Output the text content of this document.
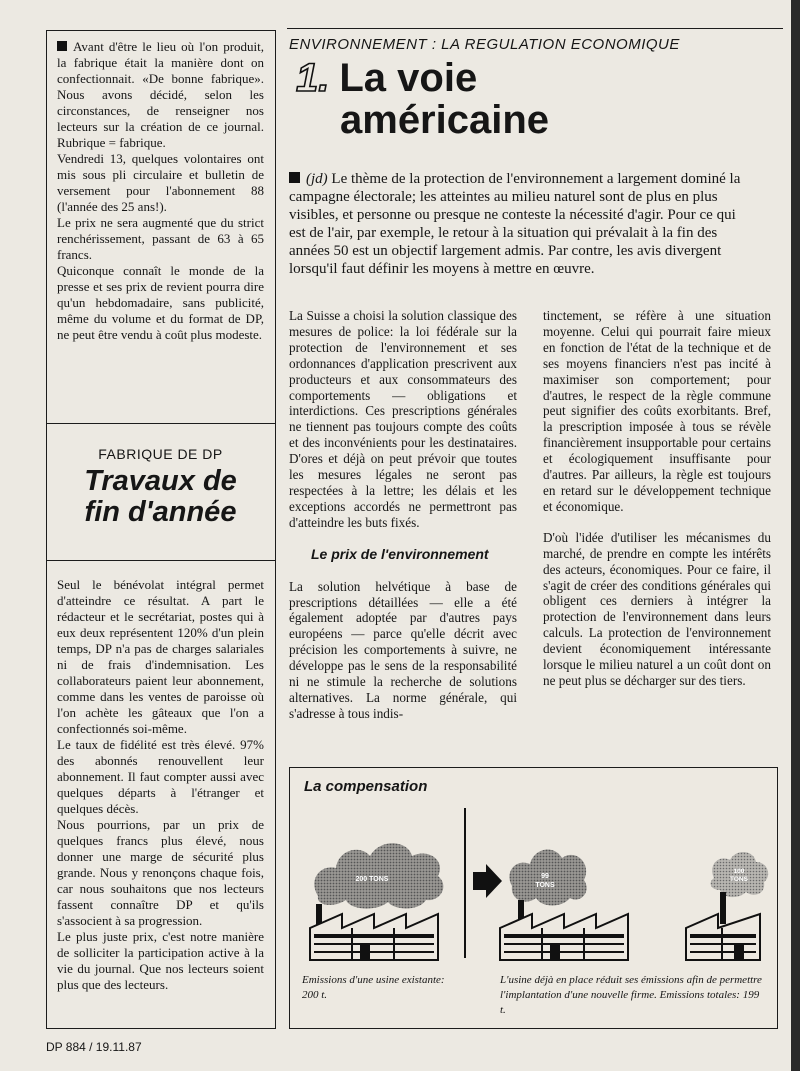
Avant d'être le lieu où l'on produit, la fabrique était la manière dont on confectionnait. «De bonne fabrique». Nous avons décidé, selon les circonstances, de renseigner nos lecteurs sur la création de ce journal. Rubrique = fabrique.

Vendredi 13, quelques volontaires ont mis sous pli circulaire et bulletin de versement pour l'abonnement 88 (l'année des 25 ans!).

Le prix ne sera augmenté que du strict renchérissement, passant de 63 à 65 francs.

Quiconque connaît le monde de la presse et ses prix de revient pourra dire qu'un hebdomadaire, sans publicité, même du volume et du format de DP, ne peut être vendu à coût plus modeste.

FABRIQUE DE DP
Travaux de
fin d'année

Seul le bénévolat intégral permet d'atteindre ce résultat. A part le rédacteur et le secrétariat, postes qui à eux deux représentent 120% d'un plein temps, DP n'a pas de charges salariales ni de frais d'indemnisation. Les collaborateurs paient leur abonnement, comme dans les ventes de paroisse où l'on achète les gâteaux que l'on a confectionnés soi-même.

Le taux de fidélité est très élevé. 97% des abonnés renouvellent leur abonnement. Il faut compter aussi avec quelques départs à l'étranger et quelques décès.

Nous pourrions, par un prix de quelques francs plus élevé, nous donner une marge de sécurité plus grande. Nous y renonçons chaque fois, car nous souhaitons que nos lecteurs fassent connaître DP et qu'ils s'associent à sa progression.

Le plus juste prix, c'est notre manière de solliciter la participation active à la vie du journal. Que nos lecteurs soient plus que des lecteurs.

ENVIRONNEMENT : LA REGULATION ECONOMIQUE
1. La voie
américaine
(jd) Le thème de la protection de l'environnement a largement dominé la campagne électorale; les atteintes au milieu naturel sont de plus en plus visibles, et personne ou presque ne conteste la nécessité d'agir. Pour ce qui est de l'air, par exemple, le retour à la situation qui prévalait à la fin des années 50 est un objectif largement admis. Par contre, les avis divergent lorsqu'il faut définir les moyens à mettre en œuvre.

La Suisse a choisi la solution classique des mesures de police: la loi fédérale sur la protection de l'environnement et ses ordonnances d'application prescrivent aux producteurs et aux consommateurs des comportements — obligations et interdictions. Ces prescriptions générales ne tiennent pas toujours compte des coûts et des inconvénients pour les destinataires. D'ores et déjà on peut prévoir que toutes les mesures légales ne seront pas respectées à la lettre; les délais et les exceptions accordés ne permettront pas d'atteindre les buts fixés.

Le prix de l'environnement

La solution helvétique à base de prescriptions détaillées — elle a été également adoptée par d'autres pays européens — parce qu'elle décrit avec précision les comportements à suivre, ne développe pas le sens de la responsabilité ni ne stimule la recherche de solutions alternatives. La norme générale, qui s'adresse à tous indis-

tinctement, se réfère à une situation moyenne. Celui qui pourrait faire mieux en fonction de l'état de la technique et de ses moyens financiers n'est pas incité à maximiser son comportement; pour d'autres, le respect de la règle commune peut signifier des coûts exorbitants. Bref, la prescription imposée à tous se révèle financièrement insupportable pour certains et écologiquement insuffisante pour d'autres. Par ailleurs, la règle est toujours en retard sur le développement technique et économique.

D'où l'idée d'utiliser les mécanismes du marché, de prendre en compte les intérêts des acteurs, économiques. Pour ce faire, il s'agit de créer des conditions générales qui obligent ces derniers à intégrer la protection de l'environnement dans leurs calculs. La protection de l'environnement devient économiquement intéressante lorsque le milieu naturel a un coût dont on ne peut plus se décharger sur des tiers.

200 TONS	99
TONS
100
TONS
La compensation
Emissions d'une usine existante: 200 t.
L'usine déjà en place réduit ses émissions afin de permettre l'implantation d'une nouvelle firme. Emissions totales: 199 t.
DP 884 / 19.11.87
